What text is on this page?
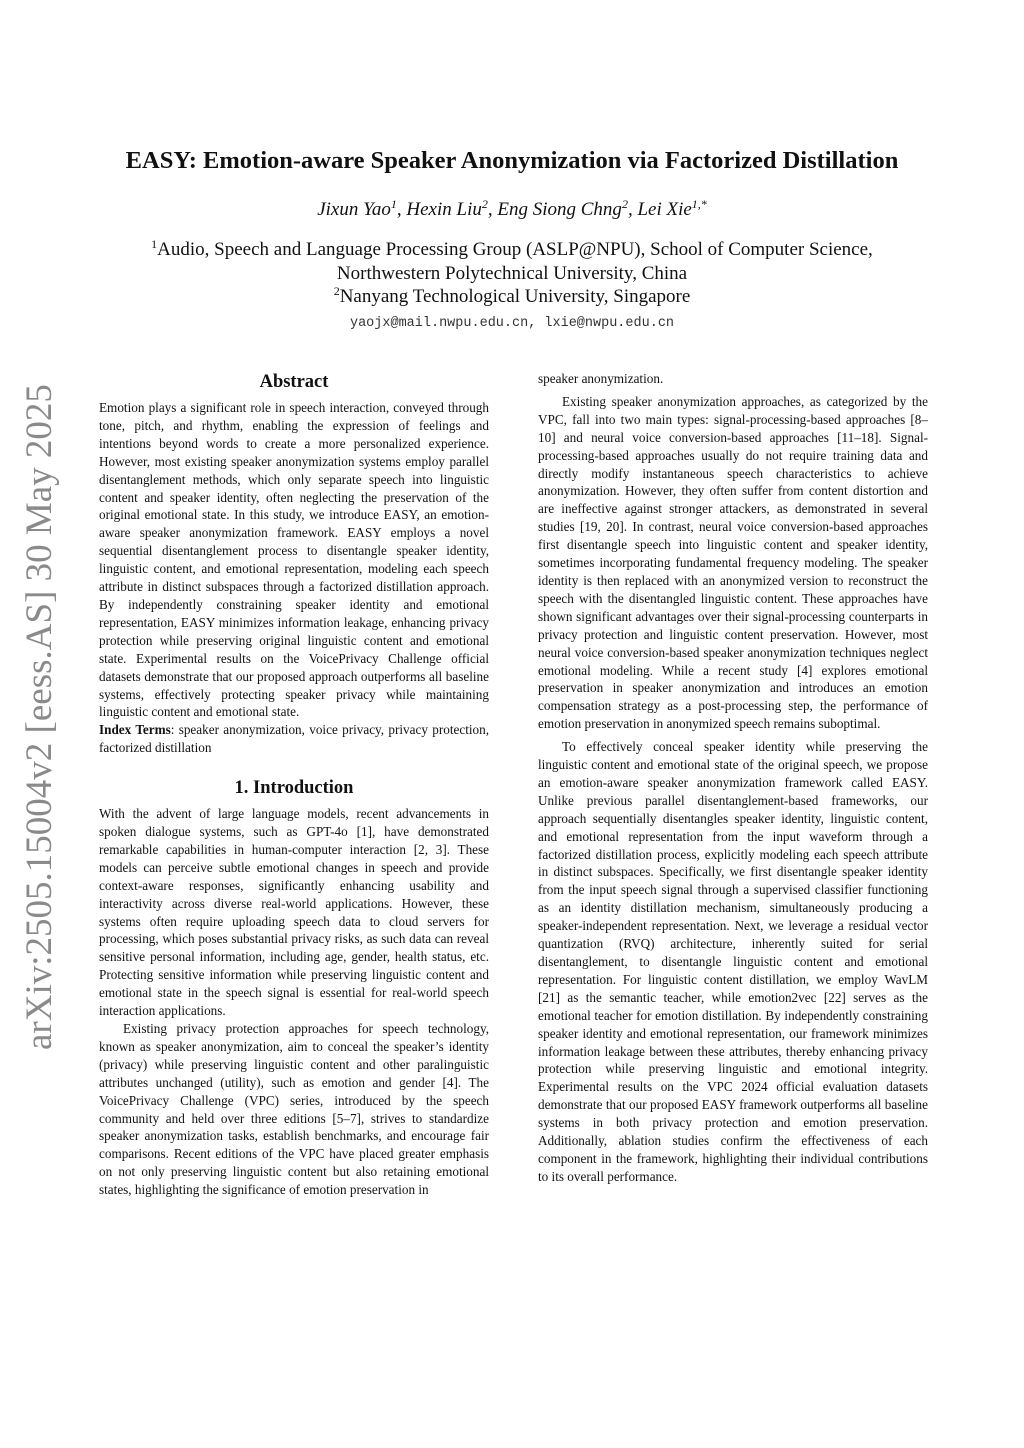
arXiv:2505.15004v2 [eess.AS] 30 May 2025
EASY: Emotion-aware Speaker Anonymization via Factorized Distillation
Jixun Yao$^1$, Hexin Liu$^2$, Eng Siong Chng$^2$, Lei Xie$^{1,*}$
$^1$Audio, Speech and Language Processing Group (ASLP@NPU), School of Computer Science,
Northwestern Polytechnical University, China
$^2$Nanyang Technological University, Singapore
yaojx@mail.nwpu.edu.cn, lxie@nwpu.edu.cn
Abstract

Emotion plays a significant role in speech interaction, conveyed through tone, pitch, and rhythm, enabling the expression of feelings and intentions beyond words to create a more personalized experience. However, most existing speaker anonymization systems employ parallel disentanglement methods, which only separate speech into linguistic content and speaker identity, often neglecting the preservation of the original emotional state. In this study, we introduce EASY, an emotion-aware speaker anonymization framework. EASY employs a novel sequential disentanglement process to disentangle speaker identity, linguistic content, and emotional representation, modeling each speech attribute in distinct subspaces through a factorized distillation approach. By independently constraining speaker identity and emotional representation, EASY minimizes information leakage, enhancing privacy protection while preserving original linguistic content and emotional state. Experimental results on the VoicePrivacy Challenge official datasets demonstrate that our proposed approach outperforms all baseline systems, effectively protecting speaker privacy while maintaining linguistic content and emotional state.

Index Terms: speaker anonymization, voice privacy, privacy protection, factorized distillation

1. Introduction

With the advent of large language models, recent advancements in spoken dialogue systems, such as GPT-4o [1], have demonstrated remarkable capabilities in human-computer interaction [2, 3]. These models can perceive subtle emotional changes in speech and provide context-aware responses, significantly enhancing usability and interactivity across diverse real-world applications. However, these systems often require uploading speech data to cloud servers for processing, which poses substantial privacy risks, as such data can reveal sensitive personal information, including age, gender, health status, etc. Protecting sensitive information while preserving linguistic content and emotional state in the speech signal is essential for real-world speech interaction applications.

Existing privacy protection approaches for speech technology, known as speaker anonymization, aim to conceal the speaker’s identity (privacy) while preserving linguistic content and other paralinguistic attributes unchanged (utility), such as emotion and gender [4]. The VoicePrivacy Challenge (VPC) series, introduced by the speech community and held over three editions [5–7], strives to standardize speaker anonymization tasks, establish benchmarks, and encourage fair comparisons. Recent editions of the VPC have placed greater emphasis on not only preserving linguistic content but also retaining emotional states, highlighting the significance of emotion preservation in

speaker anonymization.

Existing speaker anonymization approaches, as categorized by the VPC, fall into two main types: signal-processing-based approaches [8–10] and neural voice conversion-based approaches [11–18]. Signal-processing-based approaches usually do not require training data and directly modify instantaneous speech characteristics to achieve anonymization. However, they often suffer from content distortion and are ineffective against stronger attackers, as demonstrated in several studies [19, 20]. In contrast, neural voice conversion-based approaches first disentangle speech into linguistic content and speaker identity, sometimes incorporating fundamental frequency modeling. The speaker identity is then replaced with an anonymized version to reconstruct the speech with the disentangled linguistic content. These approaches have shown significant advantages over their signal-processing counterparts in privacy protection and linguistic content preservation. However, most neural voice conversion-based speaker anonymization techniques neglect emotional modeling. While a recent study [4] explores emotional preservation in speaker anonymization and introduces an emotion compensation strategy as a post-processing step, the performance of emotion preservation in anonymized speech remains suboptimal.

To effectively conceal speaker identity while preserving the linguistic content and emotional state of the original speech, we propose an emotion-aware speaker anonymization framework called EASY. Unlike previous parallel disentanglement-based frameworks, our approach sequentially disentangles speaker identity, linguistic content, and emotional representation from the input waveform through a factorized distillation process, explicitly modeling each speech attribute in distinct subspaces. Specifically, we first disentangle speaker identity from the input speech signal through a supervised classifier functioning as an identity distillation mechanism, simultaneously producing a speaker-independent representation. Next, we leverage a residual vector quantization (RVQ) architecture, inherently suited for serial disentanglement, to disentangle linguistic content and emotional representation. For linguistic content distillation, we employ WavLM [21] as the semantic teacher, while emotion2vec [22] serves as the emotional teacher for emotion distillation. By independently constraining speaker identity and emotional representation, our framework minimizes information leakage between these attributes, thereby enhancing privacy protection while preserving linguistic and emotional integrity. Experimental results on the VPC 2024 official evaluation datasets demonstrate that our proposed EASY framework outperforms all baseline systems in both privacy protection and emotion preservation. Additionally, ablation studies confirm the effectiveness of each component in the framework, highlighting their individual contributions to its overall performance.
